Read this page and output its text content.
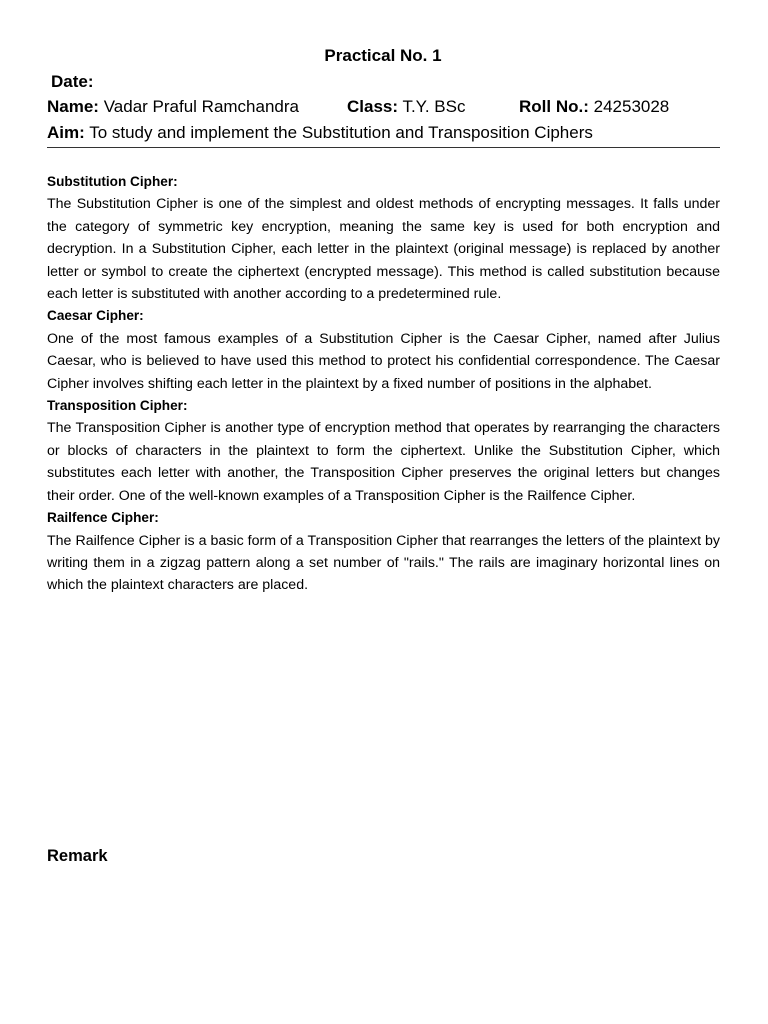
Practical No. 1
Date:
Name: Vadar Praful Ramchandra	Class: T.Y. BSc	Roll No.: 24253028
Aim: To study and implement the Substitution and Transposition Ciphers

Substitution Cipher:

The Substitution Cipher is one of the simplest and oldest methods of encrypting messages. It falls under the category of symmetric key encryption, meaning the same key is used for both encryption and decryption. In a Substitution Cipher, each letter in the plaintext (original message) is replaced by another letter or symbol to create the ciphertext (encrypted message). This method is called substitution because each letter is substituted with another according to a predetermined rule.

Caesar Cipher:

One of the most famous examples of a Substitution Cipher is the Caesar Cipher, named after Julius Caesar, who is believed to have used this method to protect his confidential correspondence. The Caesar Cipher involves shifting each letter in the plaintext by a fixed number of positions in the alphabet.

Transposition Cipher:

The Transposition Cipher is another type of encryption method that operates by rearranging the characters or blocks of characters in the plaintext to form the ciphertext. Unlike the Substitution Cipher, which substitutes each letter with another, the Transposition Cipher preserves the original letters but changes their order. One of the well-known examples of a Transposition Cipher is the Railfence Cipher.

Railfence Cipher:

The Railfence Cipher is a basic form of a Transposition Cipher that rearranges the letters of the plaintext by writing them in a zigzag pattern along a set number of "rails." The rails are imaginary horizontal lines on which the plaintext characters are placed.

Remark
